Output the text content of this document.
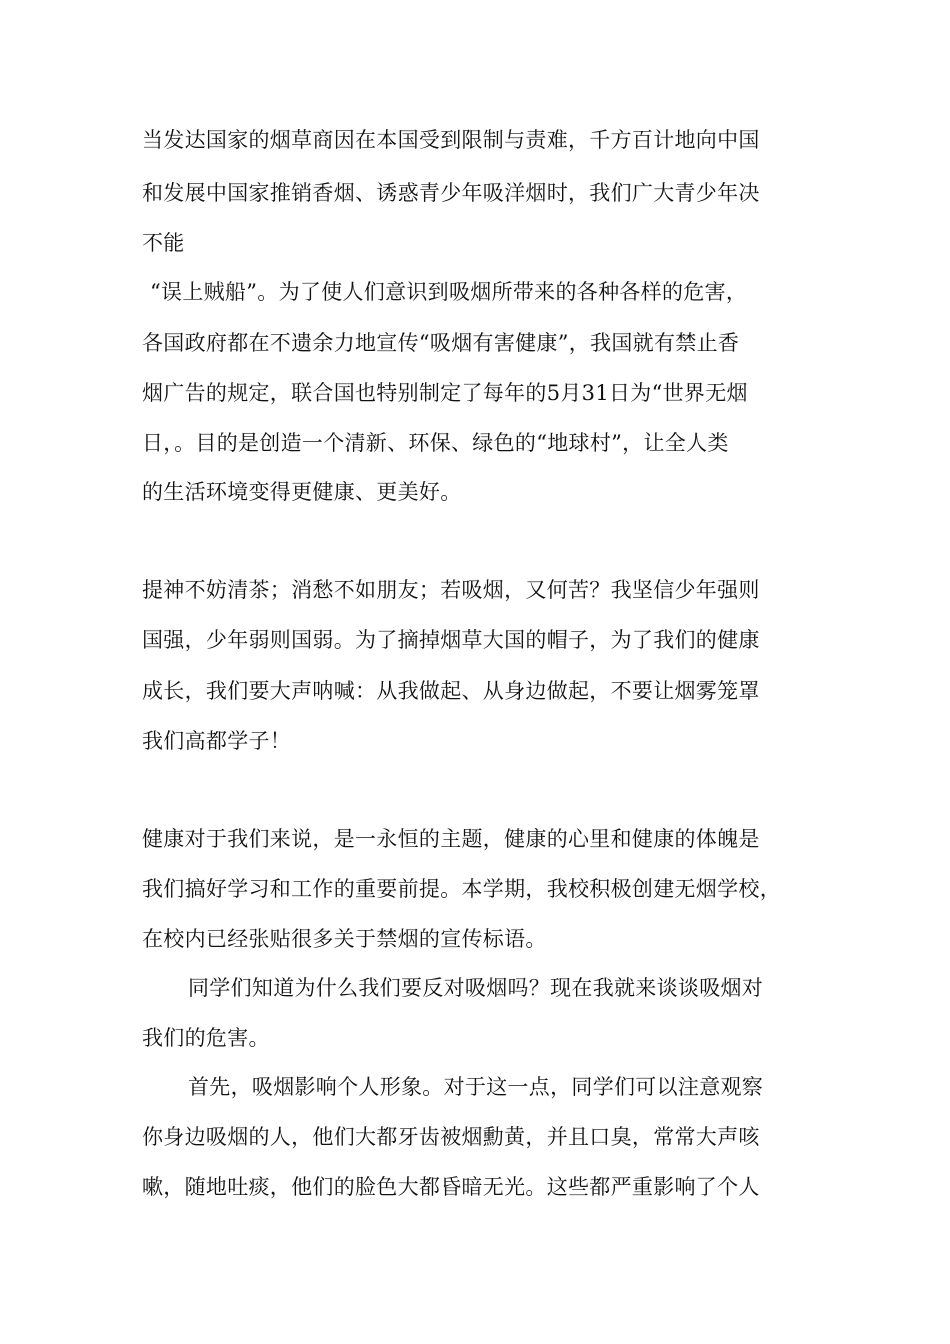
当发达国家的烟草商因在本国受到限制与责难，千方百计地向中国
和发展中国家推销香烟、诱惑青少年吸洋烟时，我们广大青少年决
不能
“误上贼船”。为了使人们意识到吸烟所带来的各种各样的危害，
各国政府都在不遗余力地宣传“吸烟有害健康”，我国就有禁止香
烟广告的规定，联合国也特别制定了每年的5月31日为“世界无烟
日，。目的是创造一个清新、环保、绿色的“地球村”，让全人类
的生活环境变得更健康、更美好。
提神不妨清茶；消愁不如朋友；若吸烟，又何苦？我坚信少年强则
国强，少年弱则国弱。为了摘掉烟草大国的帽子，为了我们的健康
成长，我们要大声呐喊：从我做起、从身边做起，不要让烟雾笼罩
我们高都学子！
健康对于我们来说，是一永恒的主题，健康的心里和健康的体魄是
我们搞好学习和工作的重要前提。本学期，我校积极创建无烟学校，
在校内已经张贴很多关于禁烟的宣传标语。
同学们知道为什么我们要反对吸烟吗？现在我就来谈谈吸烟对
我们的危害。
首先，吸烟影响个人形象。对于这一点，同学们可以注意观察
你身边吸烟的人，他们大都牙齿被烟勳黄，并且口臭，常常大声咳
嗽，随地吐痰，他们的脸色大都昏暗无光。这些都严重影响了个人
